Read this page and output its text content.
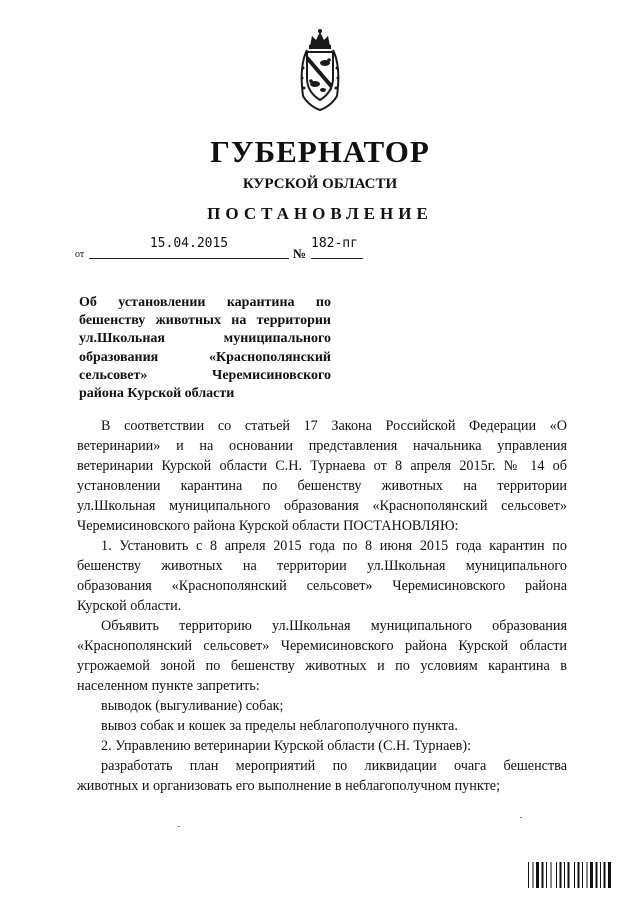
ГУБЕРНАТОР
КУРСКОЙ ОБЛАСТИ
ПОСТАНОВЛЕНИЕ
от
15.04.2015
№
182-пг
Об установлении карантина по
бешенству животных на территории
ул.Школьная муниципального
образования «Краснополянский
сельсовет» Черемисиновского
района Курской области
В соответствии со статьей 17 Закона Российской Федерации «О
ветеринарии» и на основании представления начальника управления
ветеринарии Курской области С.Н. Турнаева от 8 апреля 2015г. № 14 об
установлении карантина по бешенству животных на территории
ул.Школьная муниципального образования «Краснополянский сельсовет»
Черемисиновского района Курской области ПОСТАНОВЛЯЮ:
1. Установить с 8 апреля 2015 года по 8 июня 2015 года карантин по
бешенству животных на территории ул.Школьная муниципального
образования «Краснополянский сельсовет» Черемисиновского района
Курской области.
Объявить территорию ул.Школьная муниципального образования
«Краснополянский сельсовет» Черемисиновского района Курской области
угрожаемой зоной по бешенству животных и по условиям карантина в
населенном пункте запретить:
выводок (выгуливание) собак;
вывоз собак и кошек за пределы неблагополучного пункта.
2. Управлению ветеринарии Курской области (С.Н. Турнаев):
разработать план мероприятий по ликвидации очага бешенства
животных и организовать его выполнение в неблагополучном пункте;
